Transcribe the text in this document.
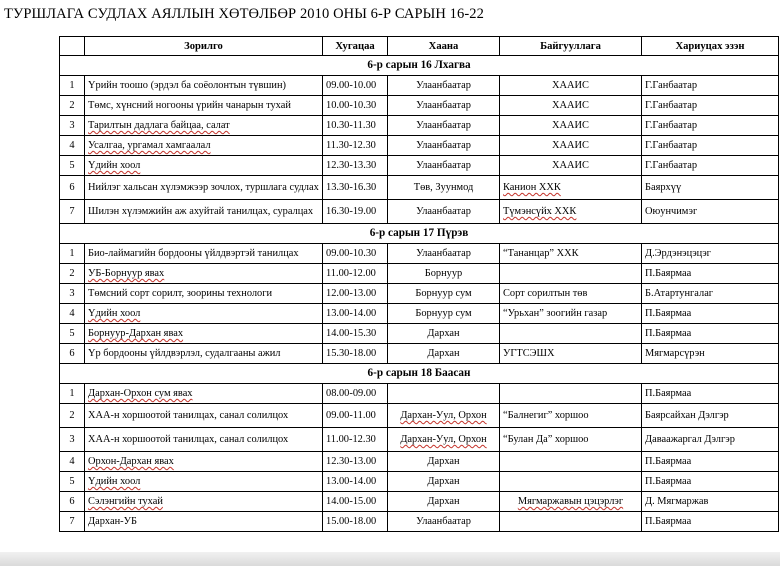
ТУРШЛАГА СУДЛАХ АЯЛЛЫН ХӨТӨЛБӨР 2010 ОНЫ 6-Р САРЫН 16-22
	Зорилго	Хугацаа	Хаана	Байгууллага	Хариуцах эзэн
6-р сарын 16 Лхагва					
1	Үрийн тоошо (эрдэл ба соёолонтын түвшин)	09.00-10.00	Улаанбаатар	ХААИС	Г.Ганбаатар
2	Төмс, хүнсний ногооны үрийн чанарын тухай	10.00-10.30	Улаанбаатар	ХААИС	Г.Ганбаатар
3	Тарилтын дадлага байцаа, салат	10.30-11.30	Улаанбаатар	ХААИС	Г.Ганбаатар
4	Усалгаа, ургамал хамгаалал	11.30-12.30	Улаанбаатар	ХААИС	Г.Ганбаатар
5	Үдийн хоол	12.30-13.30	Улаанбаатар	ХААИС	Г.Ганбаатар
6	Нийлэг хальсан хүлэмжээр зочлох, туршлага судлах	13.30-16.30	Төв, Зуунмод	Канион ХХК	Баярхүү
7	Шилэн хүлэмжийн аж ахуйтай танилцах, суралцах	16.30-19.00	Улаанбаатар	Түмэнсүйх ХХК	Оюунчимэг
6-р сарын 17 Пүрэв					
1	Био-лаймагийн бордооны үйлдвэртэй танилцах	09.00-10.30	Улаанбаатар	“Тананцар” ХХК	Д.Эрдэнэцэцэг
2	УБ-Борнуур явах	11.00-12.00	Борнуур		П.Баярмаа
3	Төмсний сорт сорилт, зоорины технологи	12.00-13.00	Борнуур сум	Сорт сорилтын төв	Б.Атартунгалаг
4	Үдийн хоол	13.00-14.00	Борнуур сум	“Урьхан” зоогийн газар	П.Баярмаа
5	Борнуур-Дархан явах	14.00-15.30	Дархан		П.Баярмаа
6	Үр бордооны үйлдвэрлэл, судалгааны ажил	15.30-18.00	Дархан	УГТСЭШХ	Мягмарсүрэн
6-р сарын 18 Баасан					
1	Дархан-Орхон сум явах	08.00-09.00			П.Баярмаа
2	ХАА-н хоршоотой танилцах, санал солилцох	09.00-11.00	Дархан-Уул, Орхон	“Балнегиг” хоршоо	Баярсайхан Дэлгэр
3	ХАА-н хоршоотой танилцах, санал солилцох	11.00-12.30	Дархан-Уул, Орхон	“Булан Да” хоршоо	Даваажаргал Дэлгэр
4	Орхон-Дархан явах	12.30-13.00	Дархан		П.Баярмаа
5	Үдийн хоол	13.00-14.00	Дархан		П.Баярмаа
6	Сэлэнгийн тухай	14.00-15.00	Дархан	Мягмаржавын цэцэрлэг	Д. Мягмаржав
7	Дархан-УБ	15.00-18.00	Улаанбаатар		П.Баярмаа
